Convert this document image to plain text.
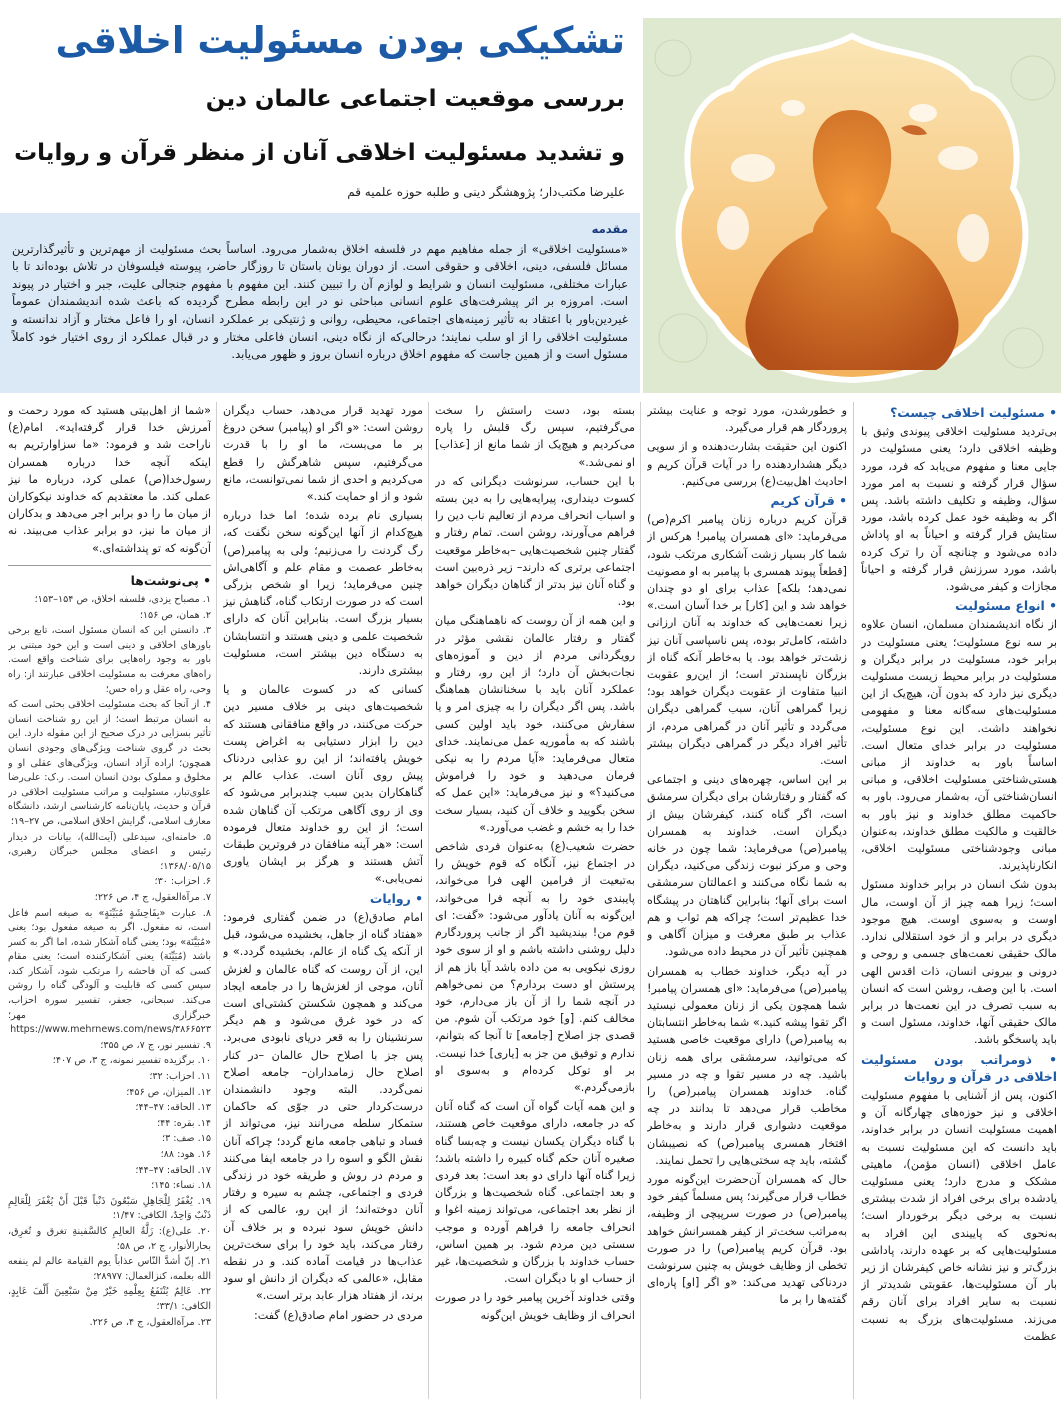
تشکیکی بودن مسئولیت اخلاقی
بررسی موقعیت اجتماعی عالمان دین
و تشدید مسئولیت اخلاقی آنان از منظر قرآن و روایات
علیرضا مکتب‌دار؛ پژوهشگر دینی و طلبه حوزه علمیه قم
مقدمه
«مسئولیت اخلاقی» از جمله مفاهیم مهم در فلسفه اخلاق به‌شمار می‌رود. اساساً بحث مسئولیت از مهم‌ترین و تأثیرگذارترین مسائل فلسفی، دینی، اخلاقی و حقوقی است. از دوران یونان باستان تا روزگار حاضر، پیوسته فیلسوفان در تلاش بوده‌اند تا با عبارات مختلفی، مسئولیت انسان و شرایط و لوازم آن را تبیین کنند. این مفهوم با مفهوم جنجالی علیت، جبر و اختیار در پیوند است. امروزه بر اثر پیشرفت‌های علوم انسانی مباحثی نو در این رابطه مطرح گردیده که باعث شده اندیشمندان عموماً غیردین‌باور با اعتقاد به تأثیر زمینه‌های اجتماعی، محیطی، روانی و ژنتیکی بر عملکرد انسان، او را فاعل مختار و آزاد ندانسته و مسئولیت اخلاقی را از او سلب نمایند؛ درحالی‌که از نگاه دینی، انسان فاعلی مختار و در قبال عملکرد از روی اختیار خود کاملاً مسئول است و از همین جاست که مفهوم اخلاق درباره انسان بروز و ظهور می‌یابد.
• مسئولیت اخلاقی چیست؟

بی‌تردید مسئولیت اخلاقی پیوندی وثیق با وظیفه اخلاقی دارد؛ یعنی مسئولیت در جایی معنا و مفهوم می‌یابد که فرد، مورد سؤال قرار گرفته و نسبت به امر مورد سؤال، وظیفه و تکلیف داشته باشد. پس اگر به وظیفه خود عمل کرده باشد، مورد ستایش قرار گرفته و احیاناً به او پاداش داده می‌شود و چنانچه آن را ترک کرده باشد، مورد سرزنش قرار گرفته و احیاناً مجازات و کیفر می‌شود.

• انواع مسئولیت

از نگاه اندیشمندان مسلمان، انسان علاوه بر سه نوع مسئولیت؛ یعنی مسئولیت در برابر خود، مسئولیت در برابر دیگران و مسئولیت در برابر محیط زیست مسئولیت دیگری نیز دارد که بدون آن، هیچ‌یک از این مسئولیت‌های سه‌گانه معنا و مفهومی نخواهند داشت. این نوع مسئولیت، مسئولیت در برابر خدای متعال است. اساساً باور به خداوند از مبانی هستی‌شناختی مسئولیت اخلاقی، و مبانی انسان‌شناختی آن، به‌شمار می‌رود. باور به حاکمیت مطلق خداوند و نیز باور به خالقیت و مالکیت مطلق خداوند، به‌عنوان مبانی وجودشناختی مسئولیت اخلاقی، انکارناپذیرند.

بدون شک انسان در برابر خداوند مسئول است؛ زیرا همه چیز از آن اوست، مال اوست و به‌سوی اوست. هیچ موجود دیگری در برابر و از خود استقلالی ندارد. مالک حقیقی نعمت‌های جسمی و روحی و درونی و بیرونی انسان، ذات اقدس الهی است. با این وصف، روشن است که انسان به سبب تصرف در این نعمت‌ها در برابر مالک حقیقی آنها، خداوند، مسئول است و باید پاسخگو باشد.

• ذومراتب بودن مسئولیت اخلاقی در قرآن و روایات

اکنون، پس از آشنایی با مفهوم مسئولیت اخلاقی و نیز حوزه‌های چهارگانه آن و اهمیت مسئولیت انسان در برابر خداوند، باید دانست که این مسئولیت نسبت به عامل اخلاقی (انسان مؤمن)، ماهیتی مشکک و مدرج دارد؛ یعنی مسئولیت یادشده برای برخی افراد از شدت بیشتری نسبت به برخی دیگر برخوردار است؛ به‌نحوی که پاییندی این افراد به مسئولیت‌هایی که بر عهده دارند، پاداشی بزرگ‌تر و نیز نشانه خاص کیفرشان از زیر بار آن مسئولیت‌ها، عقوبتی شدیدتر از نسبت به سایر افراد برای آنان رقم می‌زند. مسئولیت‌های بزرگ به نسبت عظمت

و خطورشدن، مورد توجه و عنایت بیشتر پروردگار هم قرار می‌گیرد.

اکنون این حقیقت بشارت‌دهنده و از سویی دیگر هشداردهنده را در آیات قرآن کریم و احادیث اهل‌بیت(ع) بررسی می‌کنیم.

• قرآن کریم

قرآن کریم درباره زنان پیامبر اکرم(ص) می‌فرماید: «ای همسران پیامبر! هرکس از شما کار بسیار زشت آشکاری مرتکب شود، [قطعاً پیوند همسری با پیامبر به او مصونیت نمی‌دهد؛ بلکه] عذاب برای او دو چندان خواهد شد و این [کار] بر خدا آسان است.» زیرا نعمت‌هایی که خداوند به آنان ارزانی داشته، کامل‌تر بوده، پس ناسپاسی آنان نیز زشت‌تر خواهد بود. یا به‌خاطر آنکه گناه از بزرگان ناپسندتر است؛ از این‌رو عقوبت انبیا متفاوت از عقوبت دیگران خواهد بود؛ زیرا گمراهی آنان، سبب گمراهی دیگران می‌گردد و تأثیر آنان در گمراهی مردم، از تأثیر افراد دیگر در گمراهی دیگران بیشتر است.

بر این اساس، چهره‌های دینی و اجتماعی که گفتار و رفتارشان برای دیگران سرمشق است، اگر گناه کنند، کیفرشان بیش از دیگران است. خداوند به همسران پیامبر(ص) می‌فرماید: شما چون در خانه وحی و مرکز نبوت زندگی می‌کنید، دیگران به شما نگاه می‌کنند و اعمالتان سرمشقی است برای آنها؛ بنابراین گناهتان در پیشگاه خدا عظیم‌تر است؛ چراکه هم ثواب و هم عذاب بر طبق معرفت و میزان آگاهی و همچنین تأثیر آن در محیط داده می‌شود.

در آیه دیگر، خداوند خطاب به همسران پیامبر(ص) می‌فرماید: «ای همسران پیامبر! شما همچون یکی از زنان معمولی نیستید اگر تقوا پیشه کنید.» شما به‌خاطر انتسابتان به پیامبر(ص) دارای موقعیت خاصی هستید که می‌توانید، سرمشقی برای همه زنان باشید. چه در مسیر تقوا و چه در مسیر گناه. خداوند همسران پیامبر(ص) را مخاطب قرار می‌دهد تا بدانند در چه موقعیت دشواری قرار دارند و به‌خاطر افتخار همسری پیامبر(ص) که نصیبشان گشته، باید چه سختی‌هایی را تحمل نمایند.

حال که همسران آن‌حضرت این‌گونه مورد خطاب قرار می‌گیرند؛ پس مسلماً کیفر خود پیامبر(ص) در صورت سرپیچی از وظیفه، به‌مراتب سخت‌تر از کیفر همسرانش خواهد بود. قرآن کریم پیامبر(ص) را در صورت تخطی از وظایف خویش به چنین سرنوشت دردناکی تهدید می‌کند: «و اگر [او] پاره‌ای گفته‌ها را بر ما

بسته بود، دست راستش را سخت می‌گرفتیم، سپس رگ قلبش را پاره می‌کردیم و هیچ‌یک از شما مانع از [عذاب] او نمی‌شد.»

با این حساب، سرنوشت دیگرانی که در کسوت دینداری، پیرایه‌هایی را به دین بسته و اسباب انحراف مردم از تعالیم ناب دین را فراهم می‌آورند، روشن است. تمام رفتار و گفتار چنین شخصیت‌هایی –به‌خاطر موقعیت اجتماعی برتری که دارند– زیر ذره‌بین است و گناه آنان نیز بدتر از گناهان دیگران خواهد بود.

و این همه از آن روست که ناهماهنگی میان گفتار و رفتار عالمان نقشی مؤثر در رویگردانی مردم از دین و آموزه‌های نجات‌بخش آن دارد؛ از این رو، رفتار و عملکرد آنان باید با سخنانشان هماهنگ باشد. پس اگر دیگران را به چیزی امر و یا سفارش می‌کنند، خود باید اولین کسی باشند که به مأموریه عمل می‌نمایند. خدای متعال می‌فرماید: «آیا مردم را به نیکی فرمان می‌دهید و خود را فراموش می‌کنید؟» و نیز می‌فرماید: «این عمل که سخن بگویید و خلاف آن کنید، بسیار سخت خدا را به خشم و غضب می‌آورد.»

حضرت شعیب(ع) به‌عنوان فردی شاخص در اجتماع نیز، آنگاه که قوم خویش را به‌تبعیت از فرامین الهی فرا می‌خواند، پایبندی خود را به آنچه فرا می‌خواند، این‌گونه به آنان یادآور می‌شود: «گفت: ای قوم من! بیندیشید اگر از جانب پروردگارم دلیل روشنی داشته باشم و او از سوی خود روزی نیکویی به من داده باشد آیا باز هم از پرستش او دست بردارم؟ من نمی‌خواهم در آنچه شما را از آن باز می‌دارم، خود مخالف کنم. [و] خود مرتکب آن شوم. من قصدی جز اصلاح [جامعه] تا آنجا که بتوانم، ندارم و توفیق من جز به [یاری] خدا نیست. بر او توکل کرده‌ام و به‌سوی او بازمی‌گردم.»

و این همه آیات گواه آن است که گناه آنان که در جامعه، دارای موقعیت خاص هستند، با گناه دیگران یکسان نیست و چه‌بسا گناه صغیره آنان حکم گناه کبیره را داشته باشد؛ زیرا گناه آنها دارای دو بعد است: بعد فردی و بعد اجتماعی. گناه شخصیت‌ها و بزرگان از نظر بعد اجتماعی، می‌تواند زمینه اغوا و انحراف جامعه را فراهم آورده و موجب سستی دین مردم شود. بر همین اساس، حساب خداوند با بزرگان و شخصیت‌ها، غیر از حساب او با دیگران است.

وقتی خداوند آخرین پیامبر خود را در صورت انحراف از وظایف خویش این‌گونه

مورد تهدید قرار می‌دهد، حساب دیگران روشن است: «و اگر او (پیامبر) سخن دروغ بر ما می‌بست، ما او را با قدرت می‌گرفتیم، سپس شاهرگش را قطع می‌کردیم و احدی از شما نمی‌توانست، مانع شود و از او حمایت کند.»

بسیاری نام برده شده؛ اما خدا درباره هیچ‌کدام از آنها این‌گونه سخن نگفت که، رگ گردنت را می‌زنیم؛ ولی به پیامبر(ص) به‌خاطر عصمت و مقام علم و آگاهی‌اش چنین می‌فرماید؛ زیرا او شخص بزرگی است که در صورت ارتکاب گناه، گناهش نیز بسیار بزرگ است. بنابراین آنان که دارای شخصیت علمی و دینی هستند و انتسابشان به دستگاه دین بیشتر است، مسئولیت بیشتری دارند.

کسانی که در کسوت عالمان و یا شخصیت‌های دینی بر خلاف مسیر دین حرکت می‌کنند، در واقع منافقانی هستند که دین را ابزار دستیابی به اغراض پست خویش یافته‌اند؛ از این رو عذابی دردناک پیش روی آنان است. عذاب عالم بر گناهکاران بدین سبب چندبرابر می‌شود که وی از روی آگاهی مرتکب آن گناهان شده است؛ از این رو خداوند متعال فرموده است: «هر آینه منافقان در فروترین طبقات آتش هستند و هرگز بر ایشان یاوری نمی‌یابی.»

• روایات

امام صادق(ع) در ضمن گفتاری فرمود: «هفتاد گناه از جاهل، بخشیده می‌شود، قبل از آنکه یک گناه از عالم، بخشیده گردد.» و این، از آن روست که گناه عالمان و لغزش آنان، موجی از لغزش‌ها را در جامعه ایجاد می‌کند و همچون شکستن کشتی‌ای است که در خود غرق می‌شود و هم دیگر سرنشینان را به قعر دریای نابودی می‌برد. پس جز با اصلاح حال عالمان –در کنار اصلاح حال زمامداران– جامعه اصلاح نمی‌گردد. البته وجود دانشمندان درست‌کردار حتی در جوّی که حاکمان ستمکار سلطه می‌رانند نیز، می‌تواند از فساد و تباهی جامعه مانع گردد؛ چراکه آنان نقش الگو و اسوه را در جامعه ایفا می‌کنند و مردم در روش و طریقه خود در زندگی فردی و اجتماعی، چشم به سیره و رفتار آنان دوخته‌اند؛ از این رو، عالمی که از دانش خویش سود نبرده و بر خلاف آن رفتار می‌کند، باید خود را برای سخت‌ترین عذاب‌ها در قیامت آماده کند. و در نقطه مقابل، «عالمی که دیگران از دانش او سود برند، از هفتاد هزار عابد برتر است.»

مردی در حضور امام صادق(ع) گفت:

«شما از اهل‌بیتی هستید که مورد رحمت و آمرزش خدا قرار گرفته‌اید». امام(ع) ناراحت شد و فرمود: «ما سزاوارتریم به اینکه آنچه خدا درباره همسران رسول‌خدا(ص) عملی کرد، درباره ما نیز عملی کند. ما معتقدیم که خداوند نیکوکاران از میان ما را دو برابر اجر می‌دهد و بدکاران از میان ما نیز، دو برابر عذاب می‌بیند. نه آن‌گونه که تو پنداشته‌ای.»

• پی‌نوشت‌ها
۱. مصباح یزدی، فلسفه اخلاق، ص ۱۵۴–۱۵۳؛
۲. همان، ص ۱۵۶؛
۳. دانستن این که انسان مسئول است، تابع برخی باورهای اخلاقی و دینی است و این خود مبتنی بر باور به وجود راه‌هایی برای شناخت واقع است. راه‌های معرفت به مسئولیت اخلاقی عبارتند از: راه وحی، راه عقل و راه حس؛
۴. از آنجا که بحث مسئولیت اخلاقی بحثی است که به انسان مرتبط است؛ از این رو شناخت انسان تأثیر بسزایی در درک صحیح از این مقوله دارد. این بحث در گروی شناخت ویژگی‌های وجودی انسان همچون؛ اراده آزاد انسان، ویژگی‌های عقلی او و مخلوق و مملوک بودن انسان است. ر.ک: علی‌رضا علوی‌تبار، مسئولیت و مراتب مسئولیت اخلاقی در قرآن و حدیث، پایان‌نامه کارشناسی ارشد، دانشگاه معارف اسلامی، گرایش اخلاق اسلامی، ص ۲۷–۱۹؛
۵. خامنه‌ای، سیدعلی (آیت‌الله)، بیانات در دیدار رئیس و اعضای مجلس خبرگان رهبری، ۱۳۶۸/۰۵/۱۵؛
۶. احزاب: ۳۰؛
۷. مرآة‌العقول، ج ۴، ص ۲۲۶؛
۸. عبارت «بِفَاحِشَةٍ مُبَيِّنَةٍ» به صیغه اسم فاعل است، نه مفعول. اگر به صیغه مفعول بود؛ یعنی «مُبَيَّنَة» بود؛ یعنی گناه آشکار شده، اما اگر به کسر باشد (مُبَيِّنَة) یعنی آشکارکننده است؛ یعنی مقام کسی که آن فاحشه را مرتکب شود، آشکار کند، سپس کسی که قابلیت و آلودگی گناه را روشن می‌کند. سبحانی، جعفر، تفسیر سوره احزاب، خبرگزاری مهر؛ https://www.mehrnews.com/news/۳۸۶۶۵۲۳
۹. تفسیر نور، ج ۷، ص ۳۵۵؛
۱۰. برگزیده تفسیر نمونه، ج ۳، ص ۴۰۷؛
۱۱. احزاب: ۳۲؛
۱۲. المیزان، ص ۴۵۶؛
۱۳. الحاقه: ۴۷–۴۴؛
۱۴. بقره: ۴۴؛
۱۵. صف: ۳؛
۱۶. هود: ۸۸؛
۱۷. الحاقه: ۴۷–۴۴؛
۱۸. نساء: ۱۴۵؛
۱۹. يُغْفَرُ لِلْجَاهِلِ سَبْعُونَ ذَنْباً قَبْلَ أَنْ يُغْفَرَ لِلْعَالِمِ ذَنْبٌ وَاحِدٌ، الکافی: ۱/۴۷؛
۲۰. علی(ع): زَلَّةُ العالِمِ كالسَّفينةِ تغرق و تُغرِق، بحارالأنوار، ج ۲، ص ۵۸؛
۲۱. إنّ أشدَّ النّاس عذاباً يوم القيامة عالم لم ينفعه الله بعلمه، کنزالعمال: ۲۸۹۷۷؛
۲۲. عَالِمٌ يُنْتَفَعُ بِعِلْمِهِ خَيْرٌ مِنْ سَبْعِينَ أَلْفَ عَابِدٍ، الکافی: ۳۳/۱؛
۲۳. مرآة‌العقول، ج ۴، ص ۲۲۶.
